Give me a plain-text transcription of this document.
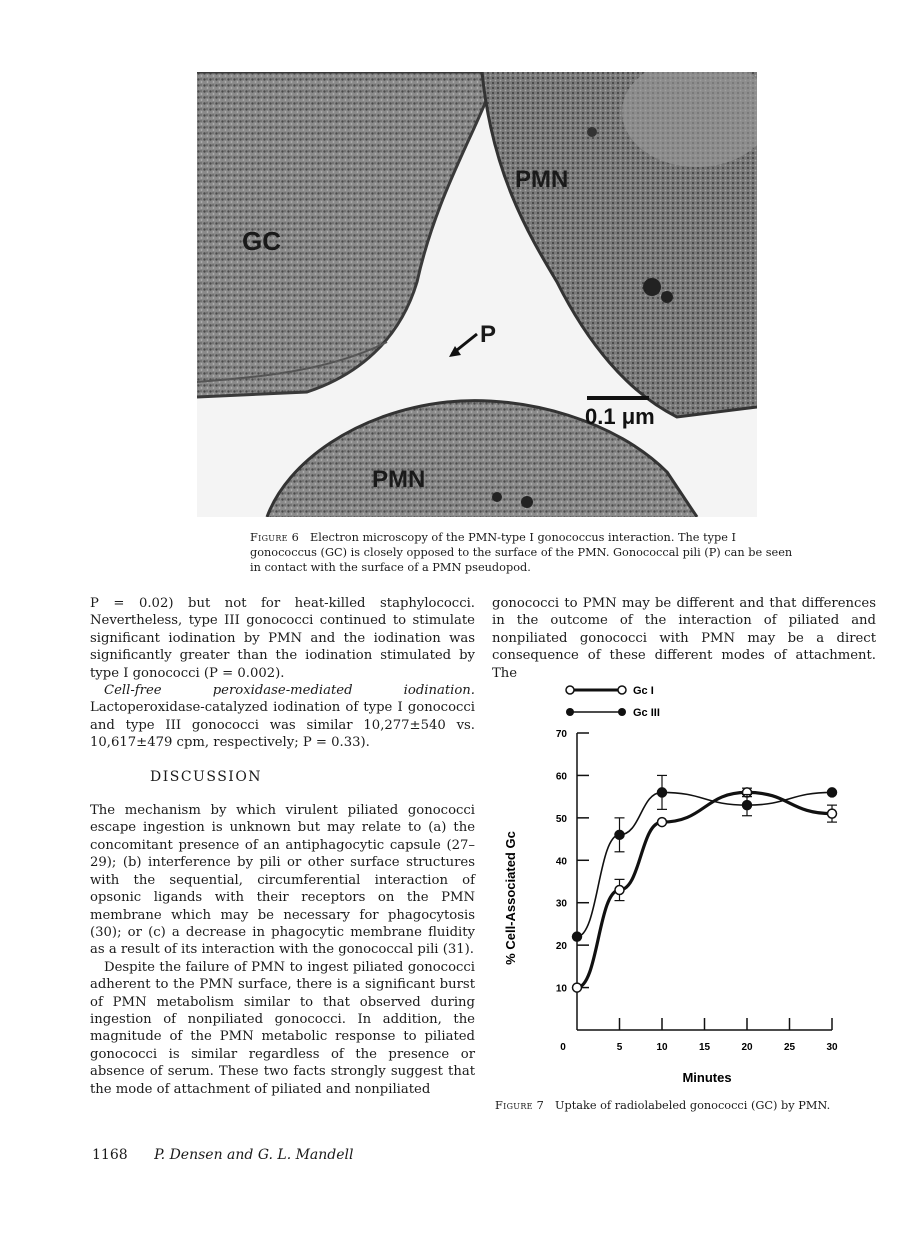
GC
PMN
P
0.1 μm
PMN
Figure 6 Electron microscopy of the PMN-type I gonococcus interaction. The type I gonococcus (GC) is closely opposed to the surface of the PMN. Gonococcal pili (P) can be seen in contact with the surface of a PMN pseudopod.

P = 0.02) but not for heat-killed staphylococci. Nevertheless, type III gonococci continued to stimulate significant iodination by PMN and the iodination was significantly greater than the iodination stimulated by type I gonococci (P = 0.002).

Cell-free peroxidase-mediated iodination. Lactoperoxidase-catalyzed iodination of type I gonococci and type III gonococci was similar 10,277±540 vs. 10,617±479 cpm, respectively; P = 0.33).

DISCUSSION

The mechanism by which virulent piliated gonococci escape ingestion is unknown but may relate to (a) the concomitant presence of an antiphagocytic capsule (27–29); (b) interference by pili or other surface structures with the sequential, circumferential interaction of opsonic ligands with their receptors on the PMN membrane which may be necessary for phagocytosis (30); or (c) a decrease in phagocytic membrane fluidity as a result of its interaction with the gonococcal pili (31).

Despite the failure of PMN to ingest piliated gonococci adherent to the PMN surface, there is a significant burst of PMN metabolism similar to that observed during ingestion of nonpiliated gonococci. In addition, the magnitude of the PMN metabolic response to piliated gonococci is similar regardless of the presence or absence of serum. These two facts strongly suggest that the mode of attachment of piliated and nonpiliated

gonococci to PMN may be different and that differences in the outcome of the interaction of piliated and nonpiliated gonococci with PMN may be a direct consequence of these different modes of attachment. The

Gc I
Gc III
10
20
30
40
50
60
70
0	5	10	15	20	25	30
% Cell-Associated Gc
Minutes
Figure 7 Uptake of radiolabeled gonococci (GC) by PMN.
1168 P. Densen and G. L. Mandell
